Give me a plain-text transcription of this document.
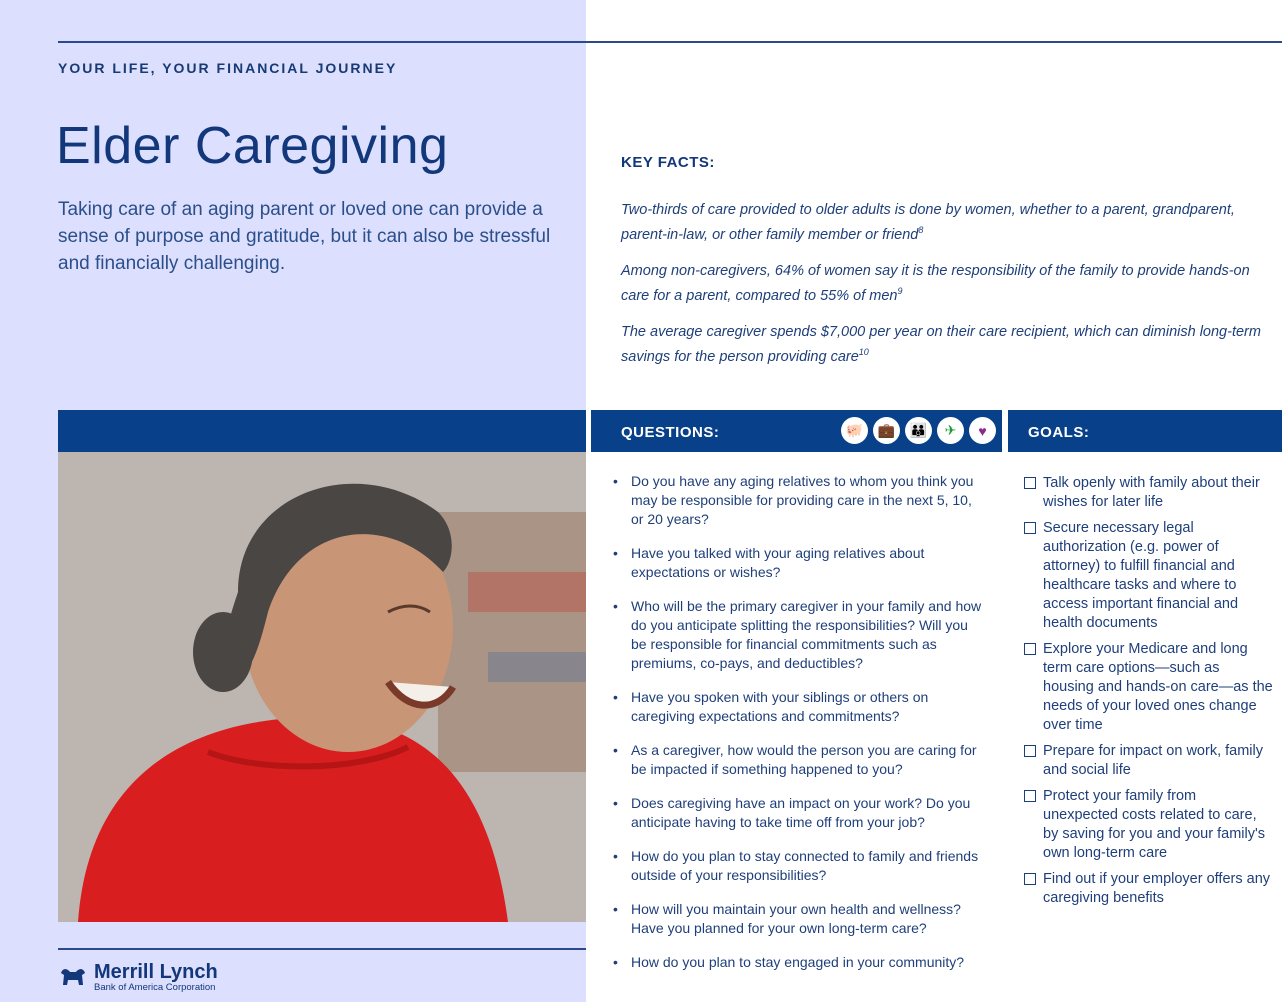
YOUR LIFE, YOUR FINANCIAL JOURNEY
Elder Caregiving
Taking care of an aging parent or loved one can provide a sense of purpose and gratitude, but it can also be stressful and financially challenging.
KEY FACTS:

Two-thirds of care provided to older adults is done by women, whether to a parent, grandparent, parent-in-law, or other family member or friend$^8$

Among non-caregivers, 64% of women say it is the responsibility of the family to provide hands-on care for a parent, compared to 55% of men$^9$

The average caregiver spends $7,000 per year on their care recipient, which can diminish long-term savings for the person providing care$^{10}$

QUESTIONS:	🐖 💼 👪 ✈ ♥	GOALS:
• Do you have any aging relatives to whom you think you may be responsible for providing care in the next 5, 10, or 20 years?
• Have you talked with your aging relatives about expectations or wishes?
• Who will be the primary caregiver in your family and how do you anticipate splitting the responsibilities? Will you be responsible for financial commitments such as premiums, co-pays, and deductibles?
• Have you spoken with your siblings or others on caregiving expectations and commitments?
• As a caregiver, how would the person you are caring for be impacted if something happened to you?
• Does caregiving have an impact on your work? Do you anticipate having to take time off from your job?
• How do you plan to stay connected to family and friends outside of your responsibilities?
• How will you maintain your own health and wellness? Have you planned for your own long-term care?
• How do you plan to stay engaged in your community?
Talk openly with family about their wishes for later life
Secure necessary legal authorization (e.g. power of attorney) to fulfill financial and healthcare tasks and where to access important financial and health documents
Explore your Medicare and long term care options—such as housing and hands-on care—as the needs of your loved ones change over time
Prepare for impact on work, family and social life
Protect your family from unexpected costs related to care, by saving for you and your family's own long-term care
Find out if your employer offers any caregiving benefits
Merrill Lynch
Bank of America Corporation
